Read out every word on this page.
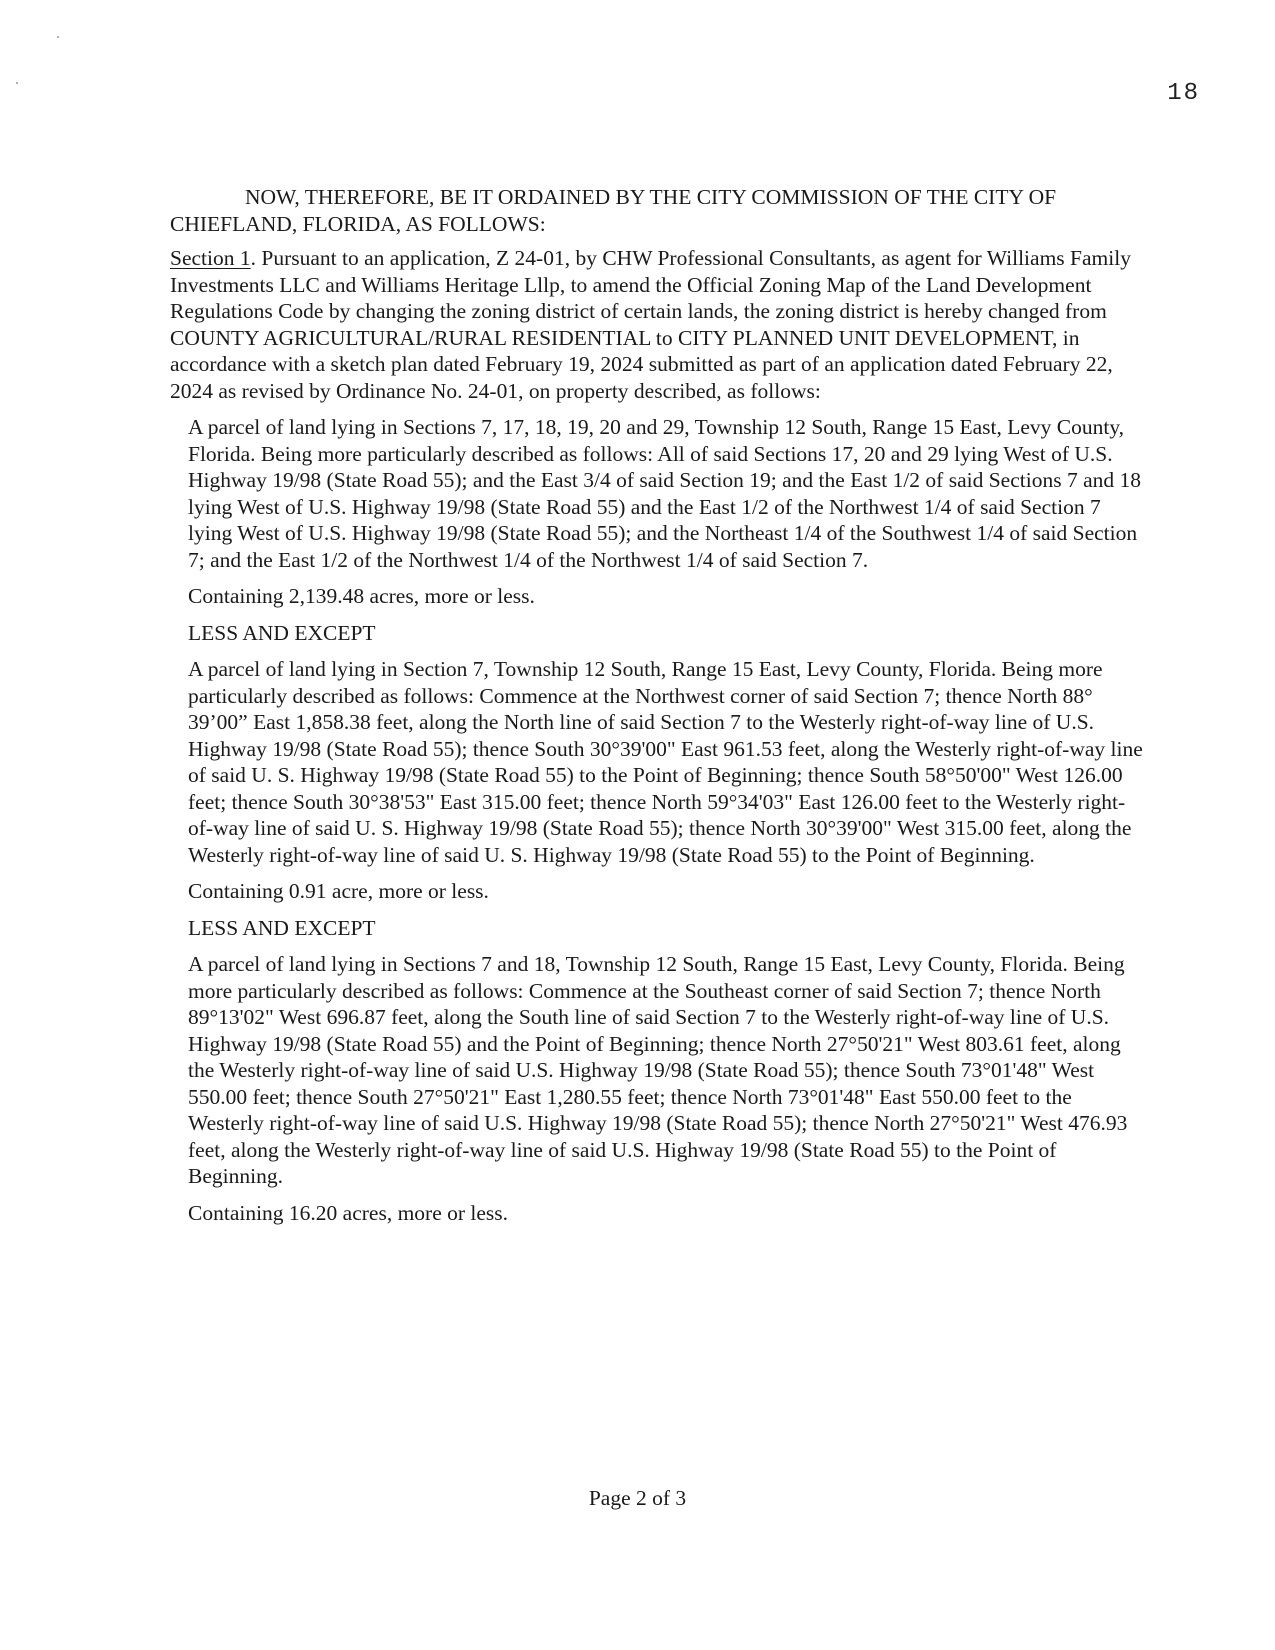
18

NOW, THEREFORE, BE IT ORDAINED BY THE CITY COMMISSION OF THE CITY OF CHIEFLAND, FLORIDA, AS FOLLOWS:

Section 1. Pursuant to an application, Z 24-01, by CHW Professional Consultants, as agent for Williams Family Investments LLC and Williams Heritage Lllp, to amend the Official Zoning Map of the Land Development Regulations Code by changing the zoning district of certain lands, the zoning district is hereby changed from COUNTY AGRICULTURAL/RURAL RESIDENTIAL to CITY PLANNED UNIT DEVELOPMENT, in accordance with a sketch plan dated February 19, 2024 submitted as part of an application dated February 22, 2024 as revised by Ordinance No. 24-01, on property described, as follows:

A parcel of land lying in Sections 7, 17, 18, 19, 20 and 29, Township 12 South, Range 15 East, Levy County, Florida. Being more particularly described as follows: All of said Sections 17, 20 and 29 lying West of U.S. Highway 19/98 (State Road 55); and the East 3/4 of said Section 19; and the East 1/2 of said Sections 7 and 18 lying West of U.S. Highway 19/98 (State Road 55) and the East 1/2 of the Northwest 1/4 of said Section 7 lying West of U.S. Highway 19/98 (State Road 55); and the Northeast 1/4 of the Southwest 1/4 of said Section 7; and the East 1/2 of the Northwest 1/4 of the Northwest 1/4 of said Section 7.

Containing 2,139.48 acres, more or less.

LESS AND EXCEPT

A parcel of land lying in Section 7, Township 12 South, Range 15 East, Levy County, Florida. Being more particularly described as follows: Commence at the Northwest corner of said Section 7; thence North 88° 39’00” East 1,858.38 feet, along the North line of said Section 7 to the Westerly right-of-way line of U.S. Highway 19/98 (State Road 55); thence South 30°39'00" East 961.53 feet, along the Westerly right-of-way line of said U. S. Highway 19/98 (State Road 55) to the Point of Beginning; thence South 58°50'00" West 126.00 feet; thence South 30°38'53" East 315.00 feet; thence North 59°34'03" East 126.00 feet to the Westerly right-of-way line of said U. S. Highway 19/98 (State Road 55); thence North 30°39'00" West 315.00 feet, along the Westerly right-of-way line of said U. S. Highway 19/98 (State Road 55) to the Point of Beginning.

Containing 0.91 acre, more or less.

LESS AND EXCEPT

A parcel of land lying in Sections 7 and 18, Township 12 South, Range 15 East, Levy County, Florida. Being more particularly described as follows: Commence at the Southeast corner of said Section 7; thence North 89°13'02" West 696.87 feet, along the South line of said Section 7 to the Westerly right-of-way line of U.S. Highway 19/98 (State Road 55) and the Point of Beginning; thence North 27°50'21" West 803.61 feet, along the Westerly right-of-way line of said U.S. Highway 19/98 (State Road 55); thence South 73°01'48" West 550.00 feet; thence South 27°50'21" East 1,280.55 feet; thence North 73°01'48" East 550.00 feet to the Westerly right-of-way line of said U.S. Highway 19/98 (State Road 55); thence North 27°50'21" West 476.93 feet, along the Westerly right-of-way line of said U.S. Highway 19/98 (State Road 55) to the Point of Beginning.

Containing 16.20 acres, more or less.

Page 2 of 3
